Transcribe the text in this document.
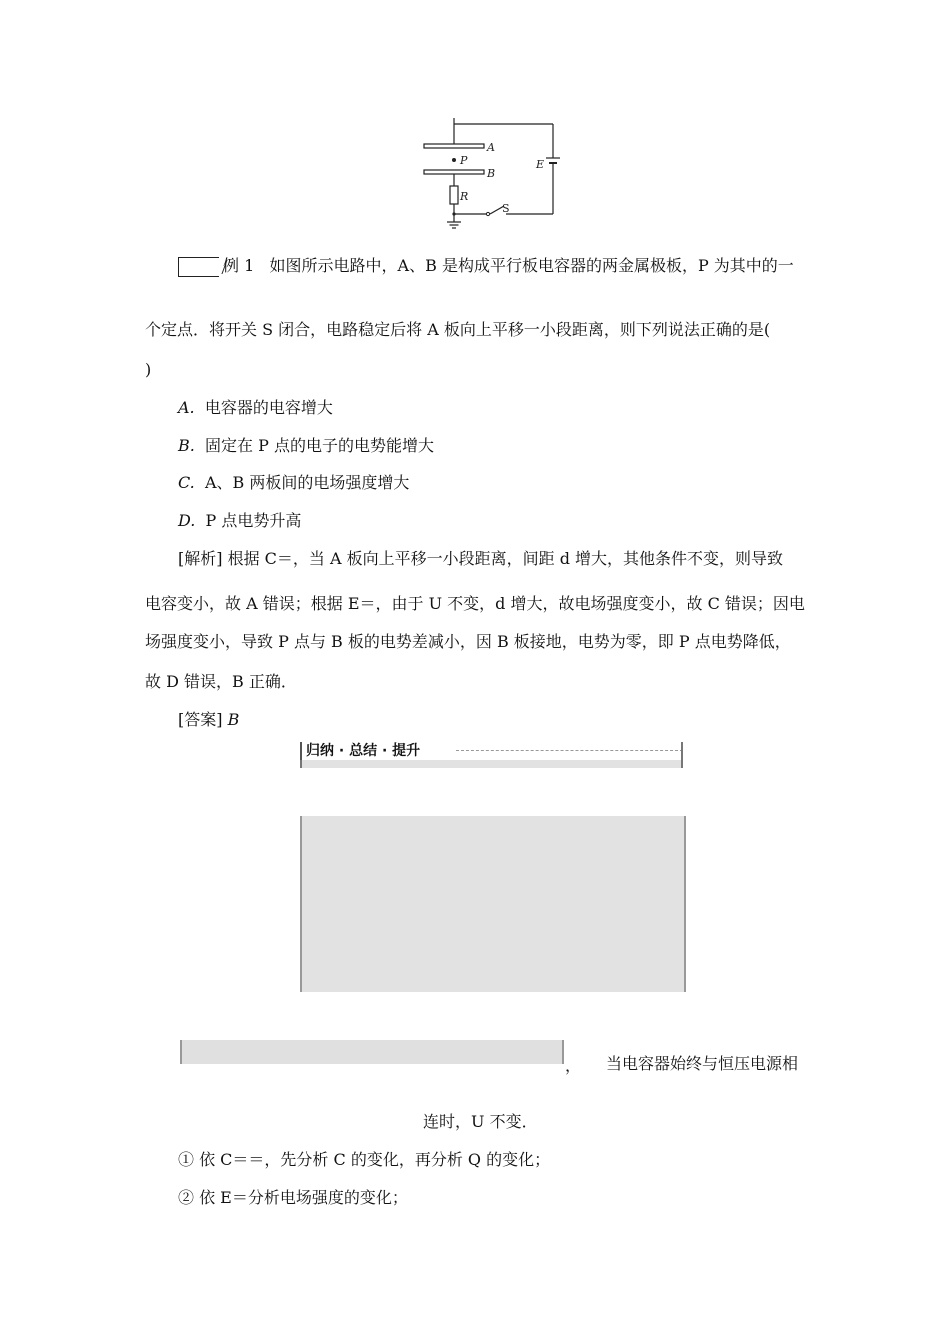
A
P
B
E
R
S
例 1 如图所示电路中，A、B 是构成平行板电容器的两金属极板，P 为其中的一
个定点．将开关 S 闭合，电路稳定后将 A 板向上平移一小段距离，则下列说法正确的是(
)
A. 电容器的电容增大
B. 固定在 P 点的电子的电势能增大
C. A、B 两板间的电场强度增大
D. P 点电势升高
[解析] 根据 C＝，当 A 板向上平移一小段距离，间距 d 增大，其他条件不变，则导致
电容变小，故 A 错误；根据 E＝，由于 U 不变，d 增大，故电场强度变小，故 C 错误；因电
场强度变小，导致 P 点与 B 板的电势差减小，因 B 板接地，电势为零，即 P 点电势降低，
故 D 错误，B 正确．
[答案] B
归纳 · 总结 · 提升
， 当电容器始终与恒压电源相
连时，U 不变．
① 依 C＝＝，先分析 C 的变化，再分析 Q 的变化；
② 依 E＝分析电场强度的变化；
